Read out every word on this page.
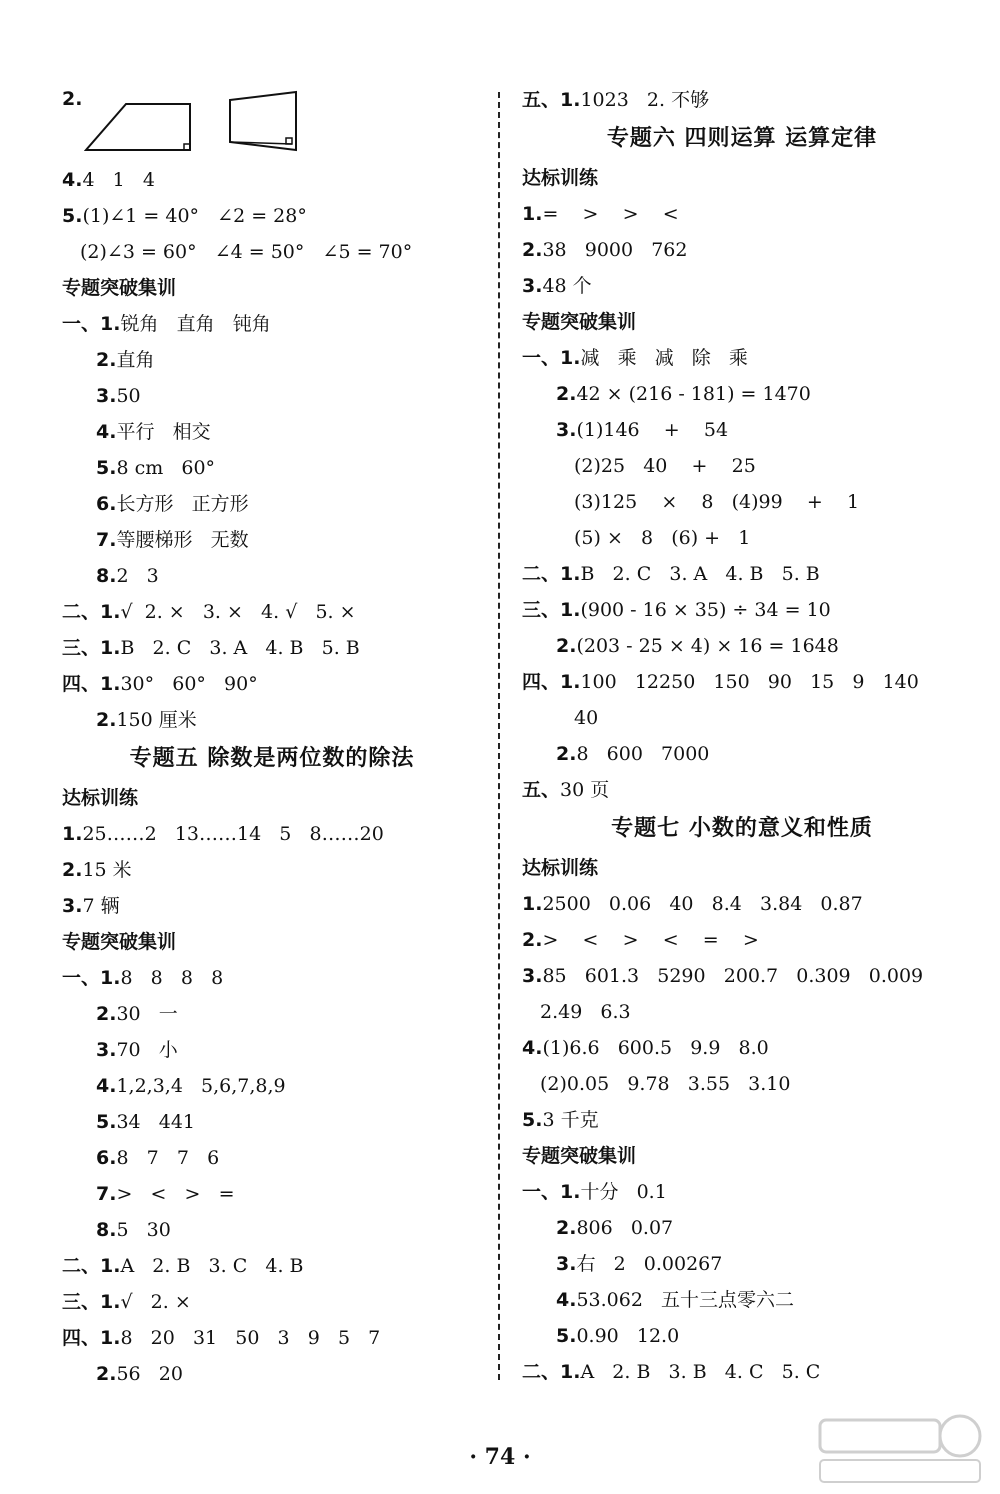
2.
4.4   1   4
5.(1)∠1 = 40°   ∠2 = 28°
(2)∠3 = 60°   ∠4 = 50°   ∠5 = 70°
专题突破集训
一、1.锐角   直角   钝角
2.直角
3.50
4.平行   相交
5.8 cm   60°
6.长方形   正方形
7.等腰梯形   无数
8.2   3
二、1.√  2. ×   3. ×   4. √   5. ×
三、1.B   2. C   3. A   4. B   5. B
四、1.30°   60°   90°
2.150 厘米
专题五 除数是两位数的除法
达标训练
1.25……2   13……14   5   8……20
2.15 米
3.7 辆
专题突破集训
一、1.8   8   8   8
2.30   一
3.70   小
4.1,2,3,4   5,6,7,8,9
5.34   441
6.8   7   7   6
7.>   <   >   =
8.5   30
二、1.A   2. B   3. C   4. B
三、1.√   2. ×
四、1.8   20   31   50   3   9   5   7
2.56   20
五、1.1023   2. 不够
专题六 四则运算 运算定律
达标训练
1.=    >    >    <
2.38   9000   762
3.48 个
专题突破集训
一、1.减   乘   减   除   乘
2.42 × (216 - 181) = 1470
3.(1)146    +    54
(2)25   40    +    25
(3)125    ×    8   (4)99    +    1
(5) ×   8   (6) +   1
二、1.B   2. C   3. A   4. B   5. B
三、1.(900 - 16 × 35) ÷ 34 = 10
2.(203 - 25 × 4) × 16 = 1648
四、1.100   12250   150   90   15   9   140
40
2.8   600   7000
五、30 页
专题七 小数的意义和性质
达标训练
1.2500   0.06   40   8.4   3.84   0.87
2.>    <    >    <    =    >
3.85   601.3   5290   200.7   0.309   0.009
2.49   6.3
4.(1)6.6   600.5   9.9   8.0
(2)0.05   9.78   3.55   3.10
5.3 千克
专题突破集训
一、1.十分   0.1
2.806   0.07
3.右   2   0.00267
4.53.062   五十三点零六二
5.0.90   12.0
二、1.A   2. B   3. B   4. C   5. C
· 74 ·
